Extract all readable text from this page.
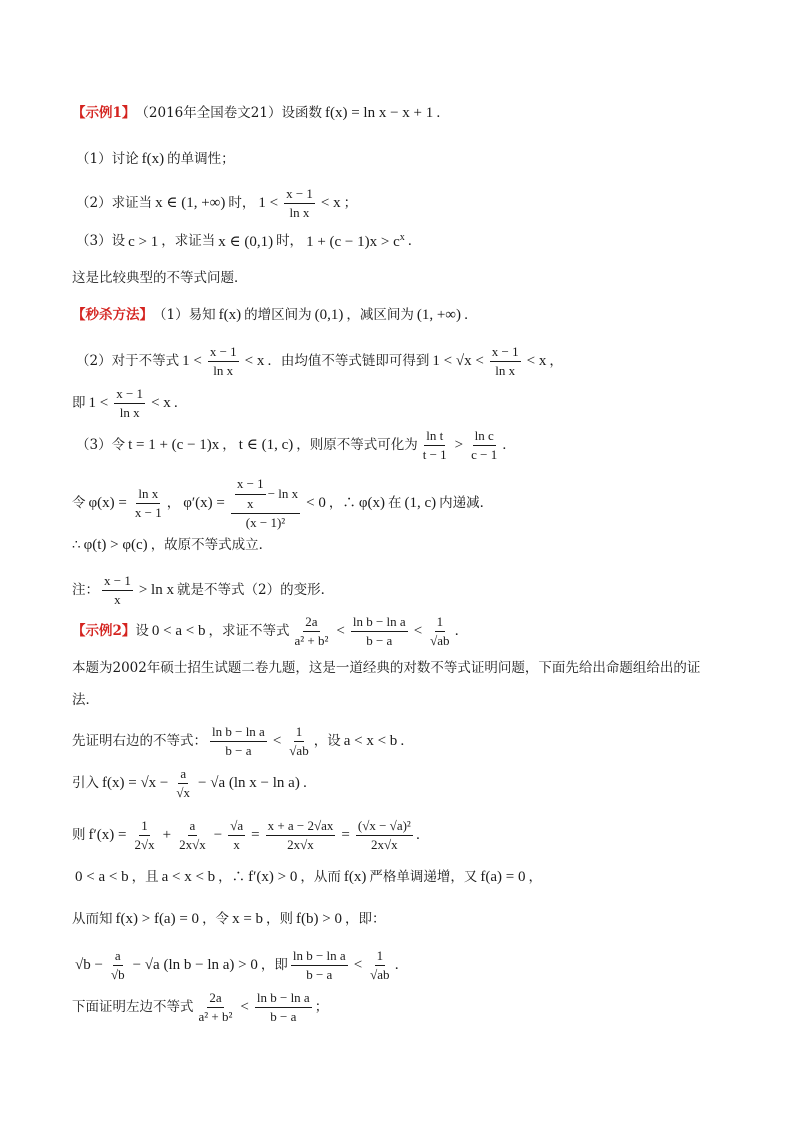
【示例1】 （2016年全国卷文21）设函数 f(x) = ln x − x + 1 ．
（1）讨论 f(x) 的单调性；
（2）求证当 x ∈ (1, +∞) 时， $1 < \frac{x - 1}{\text{ln x}} < x$ ；
（3）设 c > 1 ，求证当 x ∈ (0,1) 时， $1 + (c - 1)x > c^x$ ．
这是比较典型的不等式问题．
【秒杀方法】 （1）易知 f(x) 的增区间为 (0,1) ，减区间为 (1, +∞) ．
（2）对于不等式 $1 < \frac{x - 1}{\text{ln x}} < x$ ．由均值不等式链即可得到 $1 < √x < \frac{x - 1}{\text{ln x}} < x$ ，
即 $1 < \frac{x - 1}{\text{ln x}} < x$ ．
（3）令 t = 1 + (c − 1)x ， t ∈ (1, c) ，则原不等式可化为 $\frac{\text{ln t}}{t - 1} > \frac{\text{ln c}}{c - 1}$ ．
令 $\varphi(x) = \frac{\text{ln x}}{x - 1}$ ， $\varphi'(x) = \frac{\frac{x - 1}{x} - \ln x}{\text{(x − 1)²}} < 0$ ，∴ φ(x) 在 (1, c) 内递减．
∴ φ(t) > φ(c) ，故原不等式成立．
注： $\frac{x - 1}{x} > \ln x$ 就是不等式（2）的变形．
【示例2】 设 0 < a < b ，求证不等式 $\frac{2a}{\text{a² + b²}} < \frac{\text{ln b − ln a}}{b - a} < \frac{1}{√ab}$ ．
本题为2002年硕士招生试题二卷九题，这是一道经典的对数不等式证明问题，下面先给出命题组给出的证
法．
先证明右边的不等式： $\frac{\text{ln b − ln a}}{b - a} < \frac{1}{√ab}$ ，设 a < x < b ．
引入 $f(x) = √x - \frac{a}{√x} - √a$ (ln x − ln a) ．
则 $f'(x) = \frac{1}{2√x} + \frac{a}{2x√x} - \frac{√a}{x} = \frac{x + a - 2√ax}{2x√x} = \frac{\text{(√x − √a)²}}{2x√x}$ ．
0 < a < b ，且 a < x < b ，∴ f′(x) > 0 ，从而 f(x) 严格单调递增，又 f(a) = 0 ，
从而知 f(x) > f(a) = 0 ，令 x = b ，则 f(b) > 0 ，即：
$√b - \frac{a}{√b} - √a$ (ln b − ln a) > 0 ，即 $\frac{\text{ln b − ln a}}{b - a} < \frac{1}{√ab}$ ．
下面证明左边不等式 $\frac{2a}{\text{a² + b²}} < \frac{\text{ln b − ln a}}{b - a}$ ；
